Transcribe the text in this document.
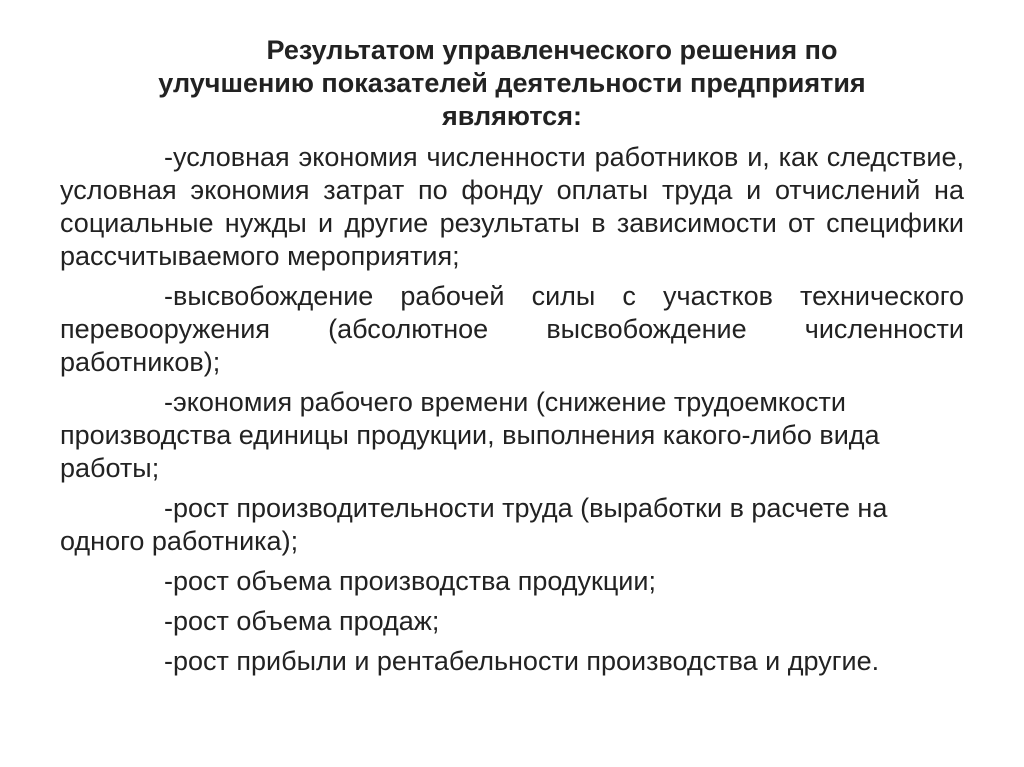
Результатом управленческого решения по
улучшению показателей деятельности предприятия
являются:

-условная экономия численности работников и, как следствие, условная экономия затрат по фонду оплаты труда и отчислений на социальные нужды и другие результаты в зависимости от специфики рассчитываемого мероприятия;

-высвобождение рабочей силы с участков технического перевооружения (абсолютное высвобождение численности работников);

-экономия рабочего времени (снижение трудоемкости производства единицы продукции, выполнения какого-либо вида работы;

-рост производительности труда (выработки в расчете на одного работника);

-рост объема производства продукции;

-рост объема продаж;

-рост прибыли и рентабельности производства и другие.
